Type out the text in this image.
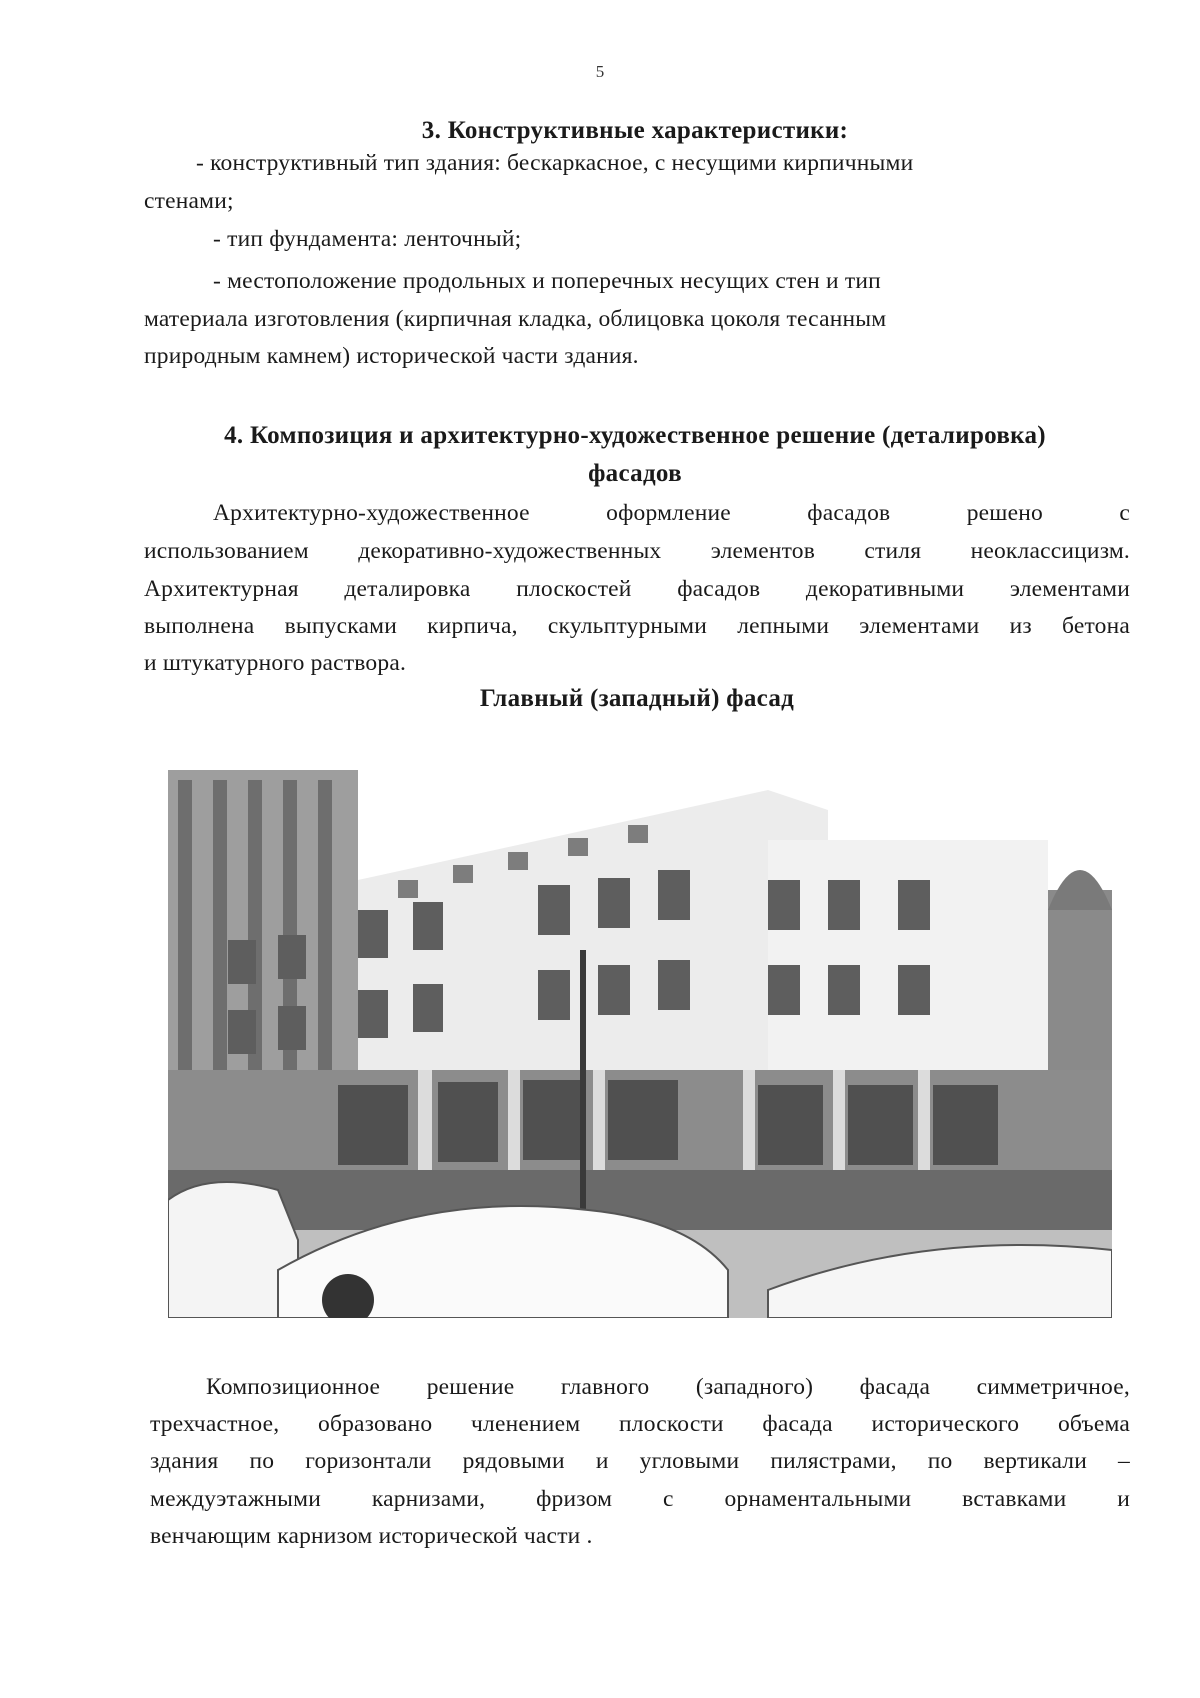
5
3. Конструктивные характеристики:
- конструктивный тип здания: бескаркасное, с несущими кирпичными
стенами;
- тип фундамента: ленточный;
- местоположение продольных и поперечных несущих стен и тип
материала изготовления (кирпичная кладка, облицовка цоколя тесанным
природным камнем) исторической части здания.
4. Композиция и архитектурно-художественное решение (деталировка)
фасадов
Архитектурно-художественное оформление фасадов решено с
использованием декоративно-художественных элементов стиля неоклассицизм.
Архитектурная деталировка плоскостей фасадов декоративными элементами
выполнена выпусками кирпича, скульптурными лепными элементами из бетона
и штукатурного раствора.
Главный (западный) фасад
Композиционное решение главного (западного) фасада симметричное,
трехчастное, образовано членением плоскости фасада исторического объема
здания по горизонтали рядовыми и угловыми пилястрами, по вертикали –
междуэтажными карнизами, фризом с орнаментальными вставками и
венчающим карнизом исторической части .
